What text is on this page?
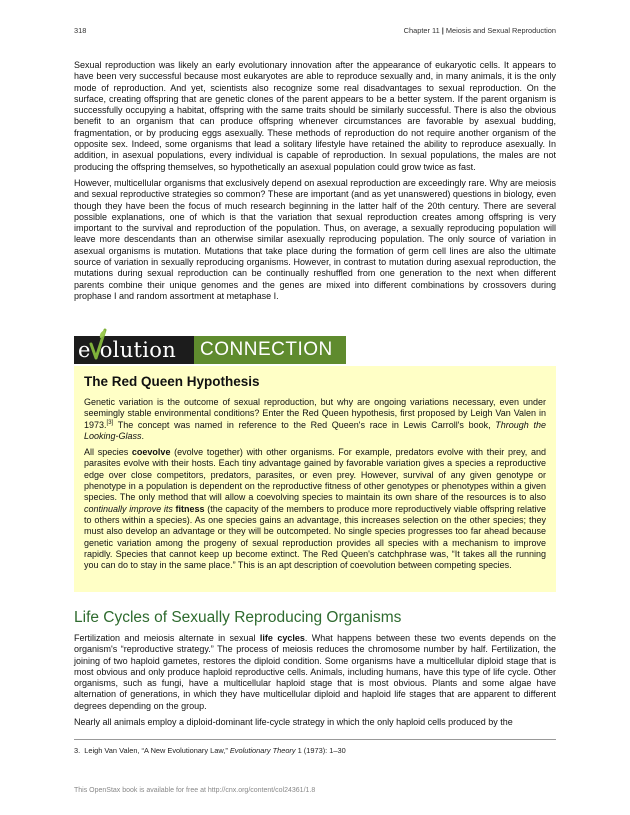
318	Chapter 11 | Meiosis and Sexual Reproduction

Sexual reproduction was likely an early evolutionary innovation after the appearance of eukaryotic cells. It appears to have been very successful because most eukaryotes are able to reproduce sexually and, in many animals, it is the only mode of reproduction. And yet, scientists also recognize some real disadvantages to sexual reproduction. On the surface, creating offspring that are genetic clones of the parent appears to be a better system. If the parent organism is successfully occupying a habitat, offspring with the same traits should be similarly successful. There is also the obvious benefit to an organism that can produce offspring whenever circumstances are favorable by asexual budding, fragmentation, or by producing eggs asexually. These methods of reproduction do not require another organism of the opposite sex. Indeed, some organisms that lead a solitary lifestyle have retained the ability to reproduce asexually. In addition, in asexual populations, every individual is capable of reproduction. In sexual populations, the males are not producing the offspring themselves, so hypothetically an asexual population could grow twice as fast.

However, multicellular organisms that exclusively depend on asexual reproduction are exceedingly rare. Why are meiosis and sexual reproductive strategies so common? These are important (and as yet unanswered) questions in biology, even though they have been the focus of much research beginning in the latter half of the 20th century. There are several possible explanations, one of which is that the variation that sexual reproduction creates among offspring is very important to the survival and reproduction of the population. Thus, on average, a sexually reproducing population will leave more descendants than an otherwise similar asexually reproducing population. The only source of variation in asexual organisms is mutation. Mutations that take place during the formation of germ cell lines are also the ultimate source of variation in sexually reproducing organisms. However, in contrast to mutation during asexual reproduction, the mutations during sexual reproduction can be continually reshuffled from one generation to the next when different parents combine their unique genomes and the genes are mixed into different combinations by crossovers during prophase I and random assortment at metaphase I.

e olution CONNECTION
The Red Queen Hypothesis

Genetic variation is the outcome of sexual reproduction, but why are ongoing variations necessary, even under seemingly stable environmental conditions? Enter the Red Queen hypothesis, first proposed by Leigh Van Valen in 1973.[3] The concept was named in reference to the Red Queen's race in Lewis Carroll's book, Through the Looking-Glass.

All species coevolve (evolve together) with other organisms. For example, predators evolve with their prey, and parasites evolve with their hosts. Each tiny advantage gained by favorable variation gives a species a reproductive edge over close competitors, predators, parasites, or even prey. However, survival of any given genotype or phenotype in a population is dependent on the reproductive fitness of other genotypes or phenotypes within a given species. The only method that will allow a coevolving species to maintain its own share of the resources is to also continually improve its fitness (the capacity of the members to produce more reproductively viable offspring relative to others within a species). As one species gains an advantage, this increases selection on the other species; they must also develop an advantage or they will be outcompeted. No single species progresses too far ahead because genetic variation among the progeny of sexual reproduction provides all species with a mechanism to improve rapidly. Species that cannot keep up become extinct. The Red Queen's catchphrase was, “It takes all the running you can do to stay in the same place.” This is an apt description of coevolution between competing species.

Life Cycles of Sexually Reproducing Organisms

Fertilization and meiosis alternate in sexual life cycles. What happens between these two events depends on the organism's “reproductive strategy.” The process of meiosis reduces the chromosome number by half. Fertilization, the joining of two haploid gametes, restores the diploid condition. Some organisms have a multicellular diploid stage that is most obvious and only produce haploid reproductive cells. Animals, including humans, have this type of life cycle. Other organisms, such as fungi, have a multicellular haploid stage that is most obvious. Plants and some algae have alternation of generations, in which they have multicellular diploid and haploid life stages that are apparent to different degrees depending on the group.

Nearly all animals employ a diploid-dominant life-cycle strategy in which the only haploid cells produced by the

3. Leigh Van Valen, “A New Evolutionary Law,” Evolutionary Theory 1 (1973): 1–30
This OpenStax book is available for free at http://cnx.org/content/col24361/1.8
